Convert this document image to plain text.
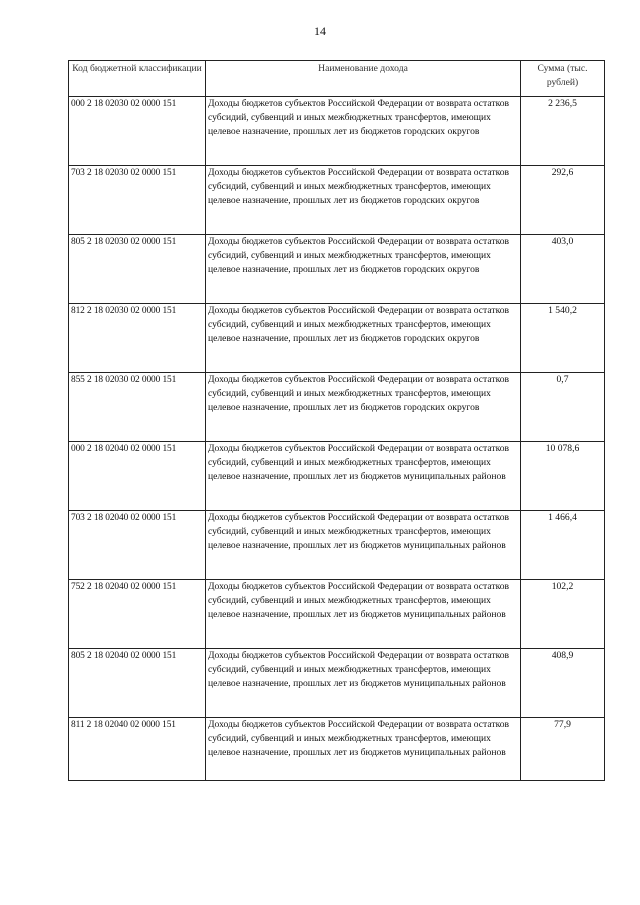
14
Код бюджетной классификации	Наименование дохода	Сумма (тыс. рублей)
000 2 18 02030 02 0000 151	Доходы бюджетов субъектов Российской Федерации от возврата остатков субсидий, субвенций и иных межбюджетных трансфертов, имеющих целевое назначение, прошлых лет из бюджетов городских округов	2 236,5
703 2 18 02030 02 0000 151	Доходы бюджетов субъектов Российской Федерации от возврата остатков субсидий, субвенций и иных межбюджетных трансфертов, имеющих целевое назначение, прошлых лет из бюджетов городских округов	292,6
805 2 18 02030 02 0000 151	Доходы бюджетов субъектов Российской Федерации от возврата остатков субсидий, субвенций и иных межбюджетных трансфертов, имеющих целевое назначение, прошлых лет из бюджетов городских округов	403,0
812 2 18 02030 02 0000 151	Доходы бюджетов субъектов Российской Федерации от возврата остатков субсидий, субвенций и иных межбюджетных трансфертов, имеющих целевое назначение, прошлых лет из бюджетов городских округов	1 540,2
855 2 18 02030 02 0000 151	Доходы бюджетов субъектов Российской Федерации от возврата остатков субсидий, субвенций и иных межбюджетных трансфертов, имеющих целевое назначение, прошлых лет из бюджетов городских округов	0,7
000 2 18 02040 02 0000 151	Доходы бюджетов субъектов Российской Федерации от возврата остатков субсидий, субвенций и иных межбюджетных трансфертов, имеющих целевое назначение, прошлых лет из бюджетов муниципальных районов	10 078,6
703 2 18 02040 02 0000 151	Доходы бюджетов субъектов Российской Федерации от возврата остатков субсидий, субвенций и иных межбюджетных трансфертов, имеющих целевое назначение, прошлых лет из бюджетов муниципальных районов	1 466,4
752 2 18 02040 02 0000 151	Доходы бюджетов субъектов Российской Федерации от возврата остатков субсидий, субвенций и иных межбюджетных трансфертов, имеющих целевое назначение, прошлых лет из бюджетов муниципальных районов	102,2
805 2 18 02040 02 0000 151	Доходы бюджетов субъектов Российской Федерации от возврата остатков субсидий, субвенций и иных межбюджетных трансфертов, имеющих целевое назначение, прошлых лет из бюджетов муниципальных районов	408,9
811 2 18 02040 02 0000 151	Доходы бюджетов субъектов Российской Федерации от возврата остатков субсидий, субвенций и иных межбюджетных трансфертов, имеющих целевое назначение, прошлых лет из бюджетов муниципальных районов	77,9
